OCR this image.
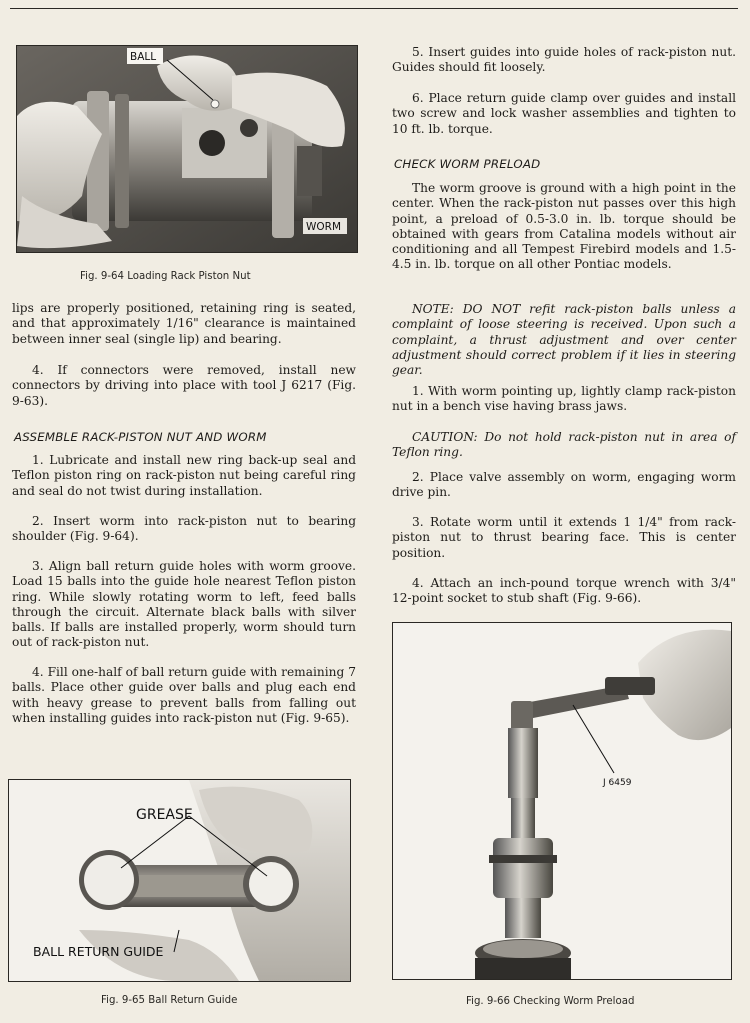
BALL
WORM

Fig. 9-64 Loading Rack Piston Nut

lips are properly positioned, retaining ring is seated, and that approximately 1/16" clearance is maintained between inner seal (single lip) and bearing.

4. If connectors were removed, install new connectors by driving into place with tool J 6217 (Fig. 9-63).

ASSEMBLE RACK-PISTON NUT AND WORM

1. Lubricate and install new ring back-up seal and Teflon piston ring on rack-piston nut being careful ring and seal do not twist during installation.

2. Insert worm into rack-piston nut to bearing shoulder (Fig. 9-64).

3. Align ball return guide holes with worm groove. Load 15 balls into the guide hole nearest Teflon piston ring. While slowly rotating worm to left, feed balls through the circuit. Alternate black balls with silver balls. If balls are installed properly, worm should turn out of rack-piston nut.

4. Fill one-half of ball return guide with remaining 7 balls. Place other guide over balls and plug each end with heavy grease to prevent balls from falling out when installing guides into rack-piston nut (Fig. 9-65).

GREASE
BALL RETURN GUIDE

Fig. 9-65 Ball Return Guide

5. Insert guides into guide holes of rack-piston nut. Guides should fit loosely.

6. Place return guide clamp over guides and install two screw and lock washer assemblies and tighten to 10 ft. lb. torque.

CHECK WORM PRELOAD

The worm groove is ground with a high point in the center. When the rack-piston nut passes over this high point, a preload of 0.5-3.0 in. lb. torque should be obtained with gears from Catalina models without air conditioning and all Tempest Firebird models and 1.5-4.5 in. lb. torque on all other Pontiac models.

NOTE: DO NOT refit rack-piston balls unless a complaint of loose steering is received. Upon such a complaint, a thrust adjustment and over center adjustment should correct problem if it lies in steering gear.

1. With worm pointing up, lightly clamp rack-piston nut in a bench vise having brass jaws.

CAUTION: Do not hold rack-piston nut in area of Teflon ring.

2. Place valve assembly on worm, engaging worm drive pin.

3. Rotate worm until it extends 1 1/4" from rack-piston nut to thrust bearing face. This is center position.

4. Attach an inch-pound torque wrench with 3/4" 12-point socket to stub shaft (Fig. 9-66).

J 6459

Fig. 9-66 Checking Worm Preload
